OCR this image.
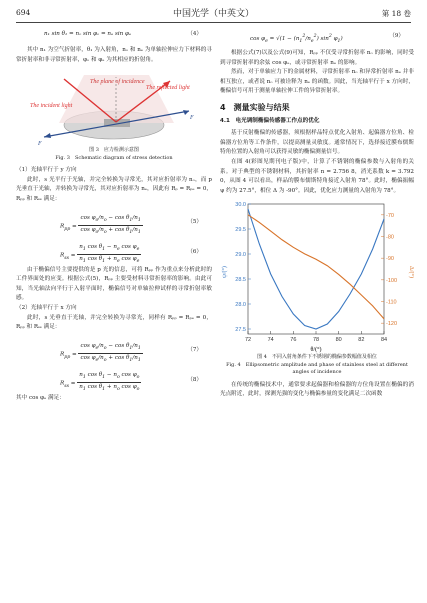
694	中国光学（中英文）	第 18 卷
n₁ sin θ₁ = nₒ sin φₒ = nₑ sin φₑ	（4）

其中 n₁ 为空气折射率，θ₁ 为入射角，nₒ 和 nₑ 为单轴拉伸应力下材料的寻常折射率和非寻常折射率，φₒ 和 φₑ 为其相应的折射角。

The incident light
The reflected light
The plane of incidence
F
F
图 3　应力检测示意图
Fig. 3　Schematic diagram of stress detection
（1）光轴平行于 y 方向

此时，s 光平行于光轴，并完全转换为寻常光，其对应折射率为 nₒ，而 p 光垂直于光轴，并转换为寻常光，其对应折射率为 nₑ，因此有 Rₚ = Rₚₑ = 0，Rₚₚ 和 Rₛₛ 满足：

$R_{pp} = \frac{\cos \varphi_o/n_o - \cos \theta_1/n_1}{\cos \varphi_o/n_o + \cos \theta_1/n_1}$	（5）
$R_{ss} = \frac{n_1 \cos \theta_1 - n_e \cos \varphi_e}{n_1 \cos \theta_1 + n_e \cos \varphi_e}$	（6）

由于椭偏信号主要提供的是 p 光的信息，可将 Rₚₚ 作为重点来分析此时的工件界面处的应变。根据公式(5)，Rₚₚ 主要受材料寻常折射率的影响。由此可知，当光轴法向平行于入射平面时，椭偏信号对单轴拉伸试样的寻常折射率敏感。

（2）光轴平行于 x 方向

此时，s 光垂直于光轴，并完全转换为寻常光，同样有 Rₚₚ = Rₚₑ = 0，Rₚₚ 和 Rₛₛ 满足：

$R_{pp} = \frac{\cos \varphi_e/n_o - \cos \theta_1/n_1}{\cos \varphi_e/n_o + \cos \theta_1/n_1}$	（7）
$R_{ss} = \frac{n_1 \cos \theta_1 - n_o \cos \varphi_o}{n_1 \cos \theta_1 + n_o \cos \varphi_o}$	（8）
其中 cos φₑ 满足：
$\cos \varphi_e = √(1 - (n_1^2/n_e^2)$ $\sin^2 \varphi_1$)	（9）

根据公式(7)以及公式(9)可知，Rₚₚ 不仅受寻常折射率 nₒ 的影响，同时受到寻常折射率的余弦 cos φₑ，或寻常折射率 nₑ 的影响。

然而，对于单轴应力下的金属材料，寻常折射率 nₒ 和异常折射率 nₑ 并非相互独立，或者说 nₒ 可被诠释为 nₑ 的函数。因此，当光轴平行于 x 方向时，椭偏信号可用于测量单轴拉伸工件的异常折射率。

4　测量实验与结果
4.1　电光调制椭偏传感器工作点的优化

基于反射椭偏的传感器，须根据样品特点优化入射角、起偏器方位角、检偏器方位角等工作条件，以提高测量灵敏度。通常情况下，选择接近膜布儒斯特角位置的入射角可以获得灵敏的椭偏测量信号。

在图 4(彩图见期刊电子版)中，计算了不锈钢的椭偏参数与入射角的关系。对于典型的不锈钢材料，其折射率 n = 2.756 8，消光系数 k = 3.792 0，从图 4 可以看出，样品的膜布儒斯特角接近入射角 78°。此时，椭偏振幅 ψ 约为 27.5°，相位 Δ 为 -90°。因此，优化应力测量的入射角为 78°。

72	74	76	78	80	82	84
27.5
28.0
28.5
29.0
29.5
30.0
-70
-80
-90
-100
-110
-120
θ/(°)
ψ/(°)	Δ/(°)
图 4　不同入射角条件下不锈钢的椭偏参数幅值及相位
Fig. 4　Ellipsometric amplitude and phase of stainless steel at different angles of incidence

在传统的椭偏技术中，通常要求起偏器和检偏器的方位角设置在椭偏的消光点附近，此时，探测光强的变化与椭偏参量的变化满足二次函数
